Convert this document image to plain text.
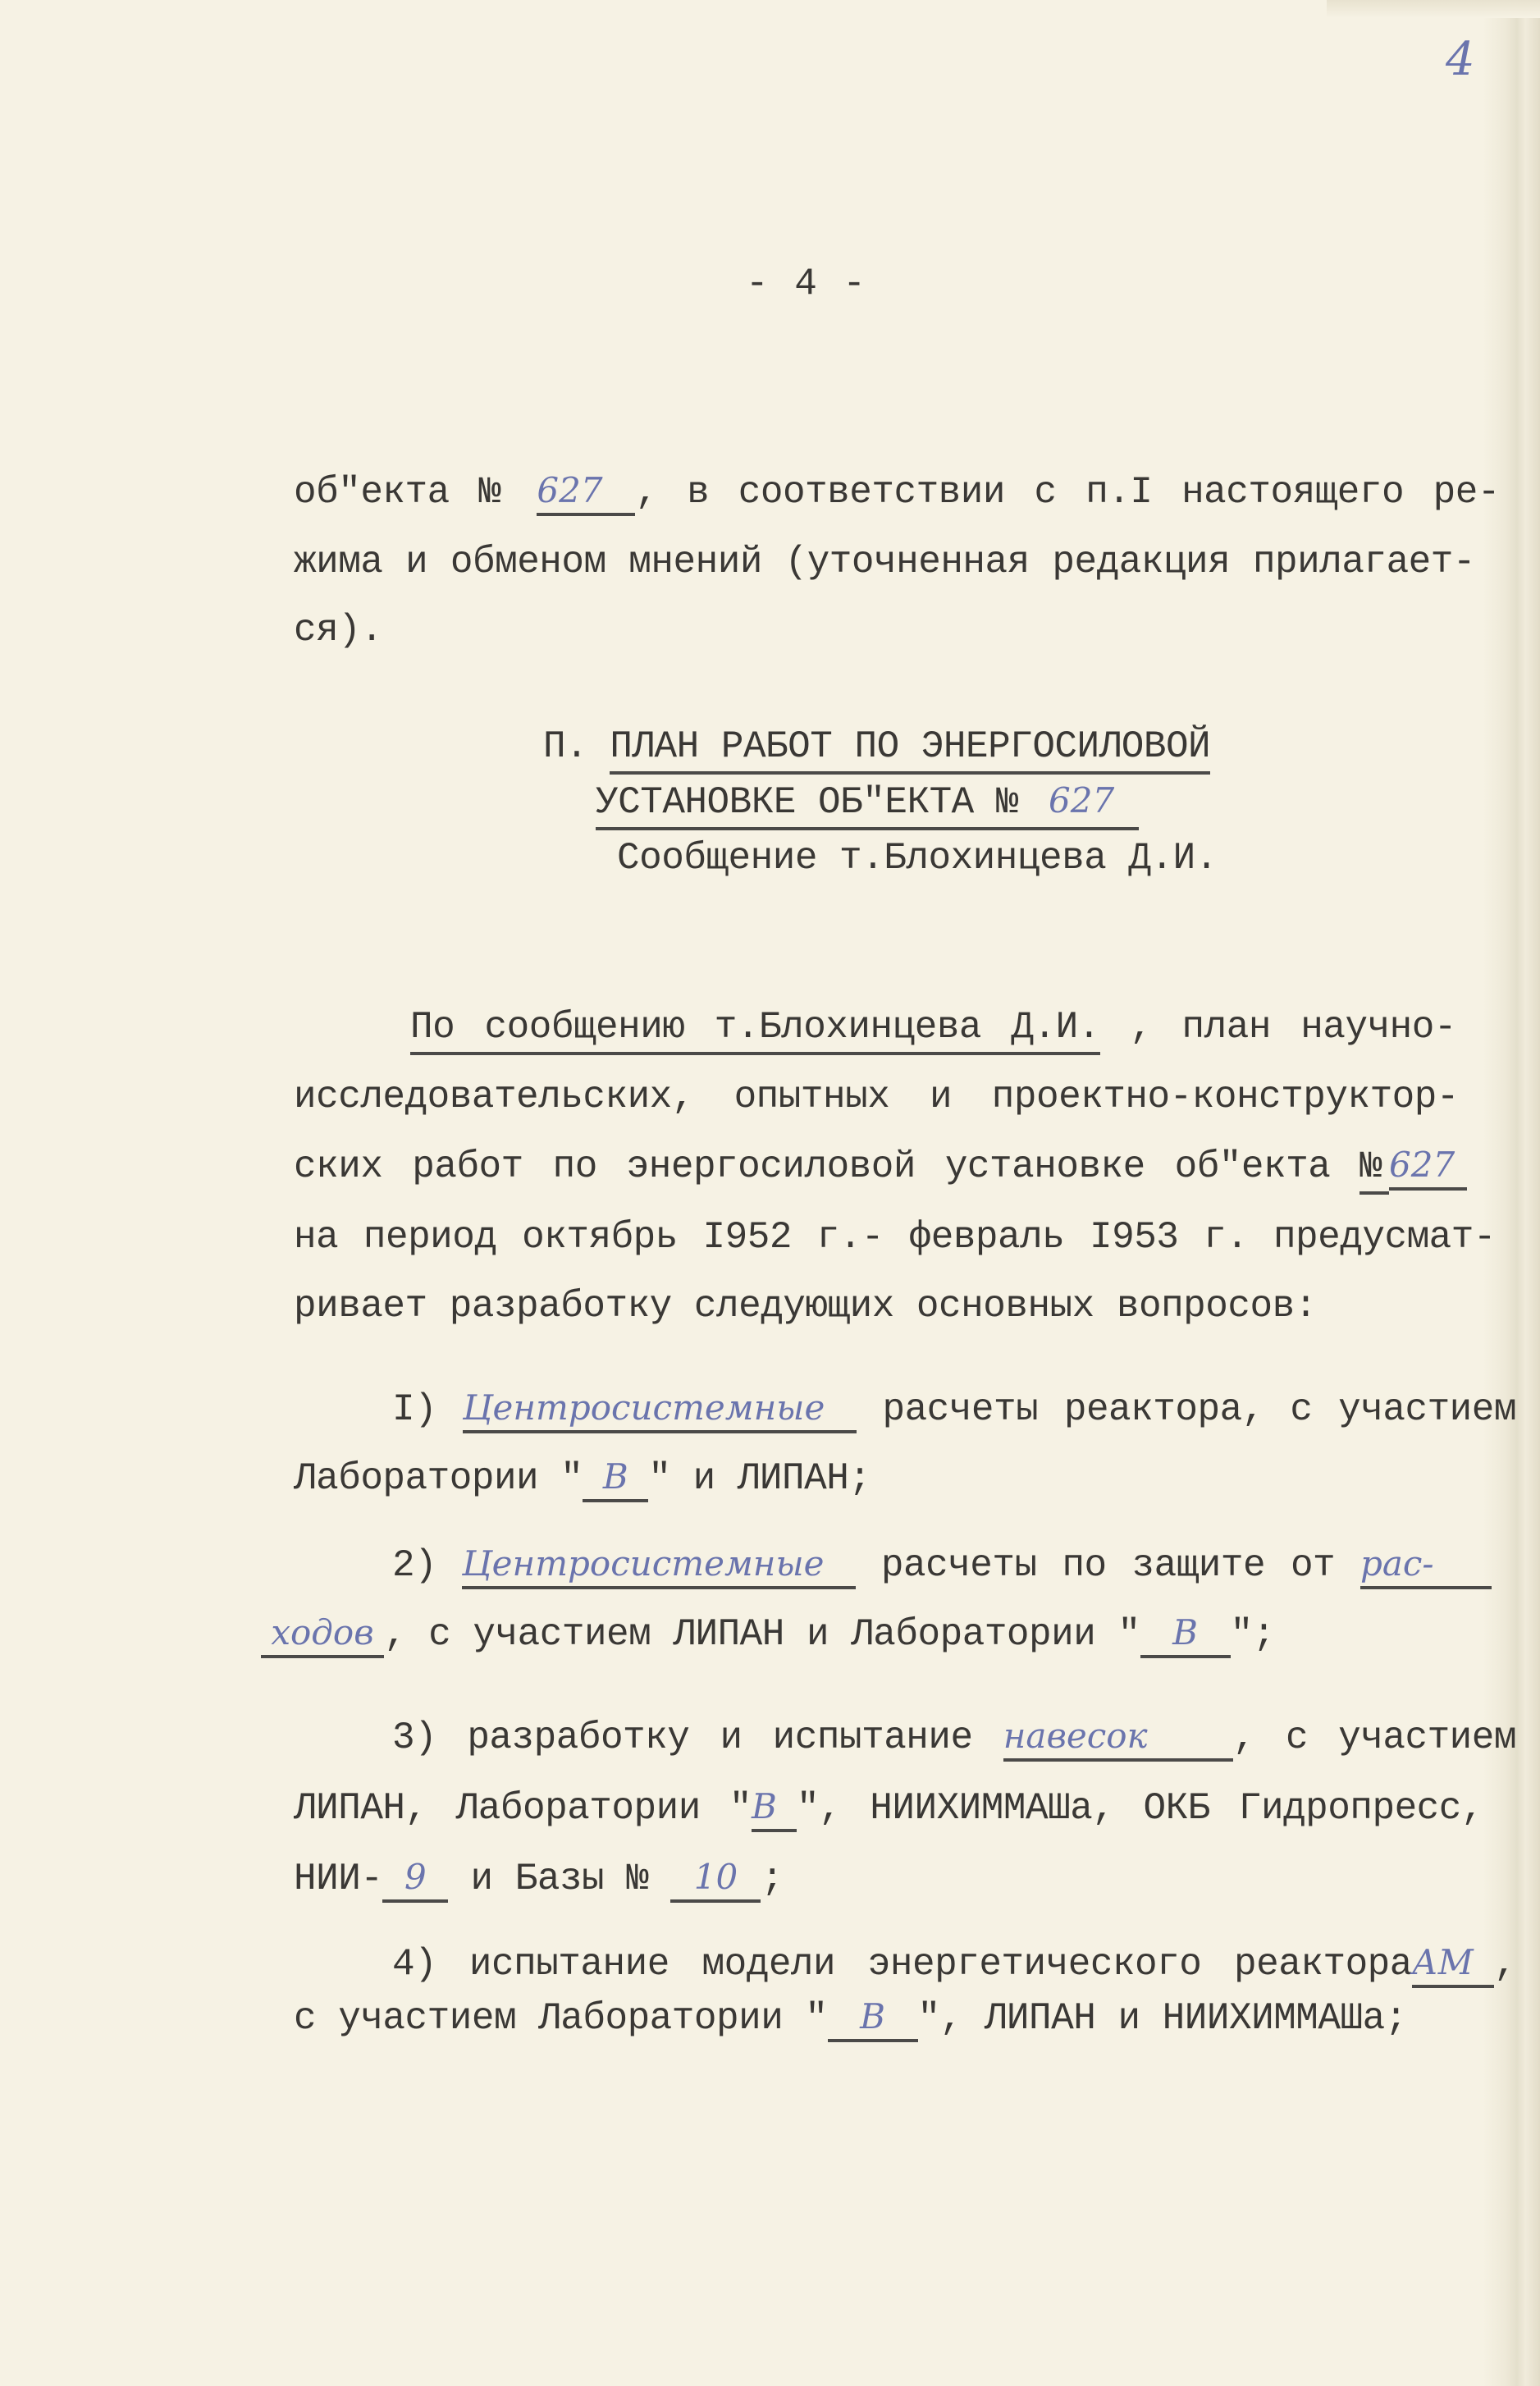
4
- 4 -
об"екта № 627 , в соответствии с п.I настоящего ре-
жима и обменом мнений (уточненная редакция прилагает-
ся).
П. ПЛАН РАБОТ ПО ЭНЕРГОСИЛОВОЙ
УСТАНОВКЕ ОБ"ЕКТА № 627
Сообщение т.Блохинцева Д.И.
По сообщению т.Блохинцева Д.И. , план научно-
исследовательских, опытных и проектно-конструктор-
ских работ по энергосиловой установке об"екта №627
на период октябрь I952 г.- февраль I953 г. предусмат-
ривает разработку следующих основных вопросов:
I) Центросистемные расчеты реактора, с участием
Лаборатории " В " и ЛИПАН;
2) Центросистемные расчеты по защите от рас-
ходов , с участием ЛИПАН и Лаборатории " В ";
3) разработку и испытание навесок , с участием
ЛИПАН, Лаборатории "В ", НИИХИММАШа, ОКБ Гидропресс,
НИИ- 9 и Базы № 10 ;
4) испытание модели энергетического реактораАМ ,
с участием Лаборатории " В ", ЛИПАН и НИИХИММАШа;
